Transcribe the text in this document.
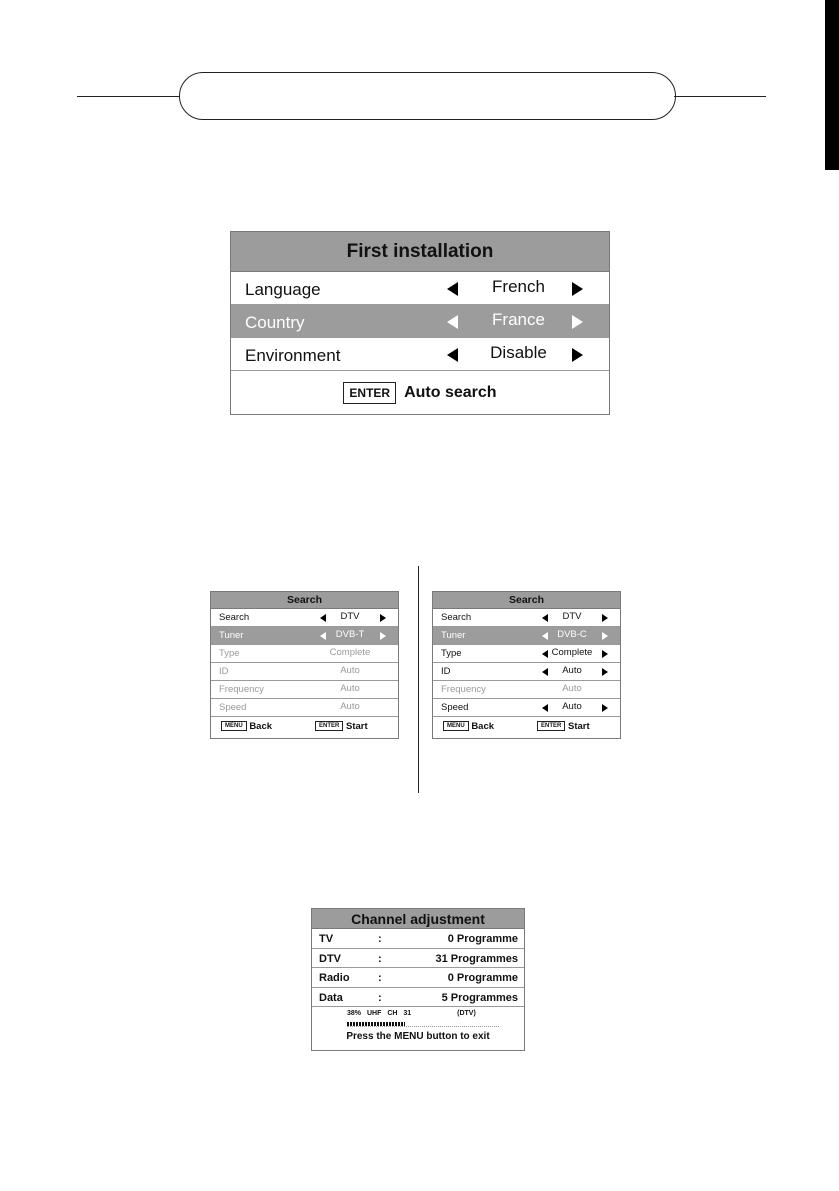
First installation
Language	French
Country	France
Environment	Disable
ENTER Auto search
Search
Search	DTV
Tuner	DVB-T
Type	Complete
ID	Auto
Frequency	Auto
Speed	Auto
MENU Back	ENTER Start
Search
Search	DTV
Tuner	DVB-C
Type	Complete
ID	Auto
Frequency	Auto
Speed	Auto
MENU Back	ENTER Start
Channel adjustment
TV	:	0 Programme
DTV	:	31 Programmes
Radio	:	0 Programme
Data	:	5 Programmes
38% UHF CH 31	(DTV)
Press the MENU button to exit
